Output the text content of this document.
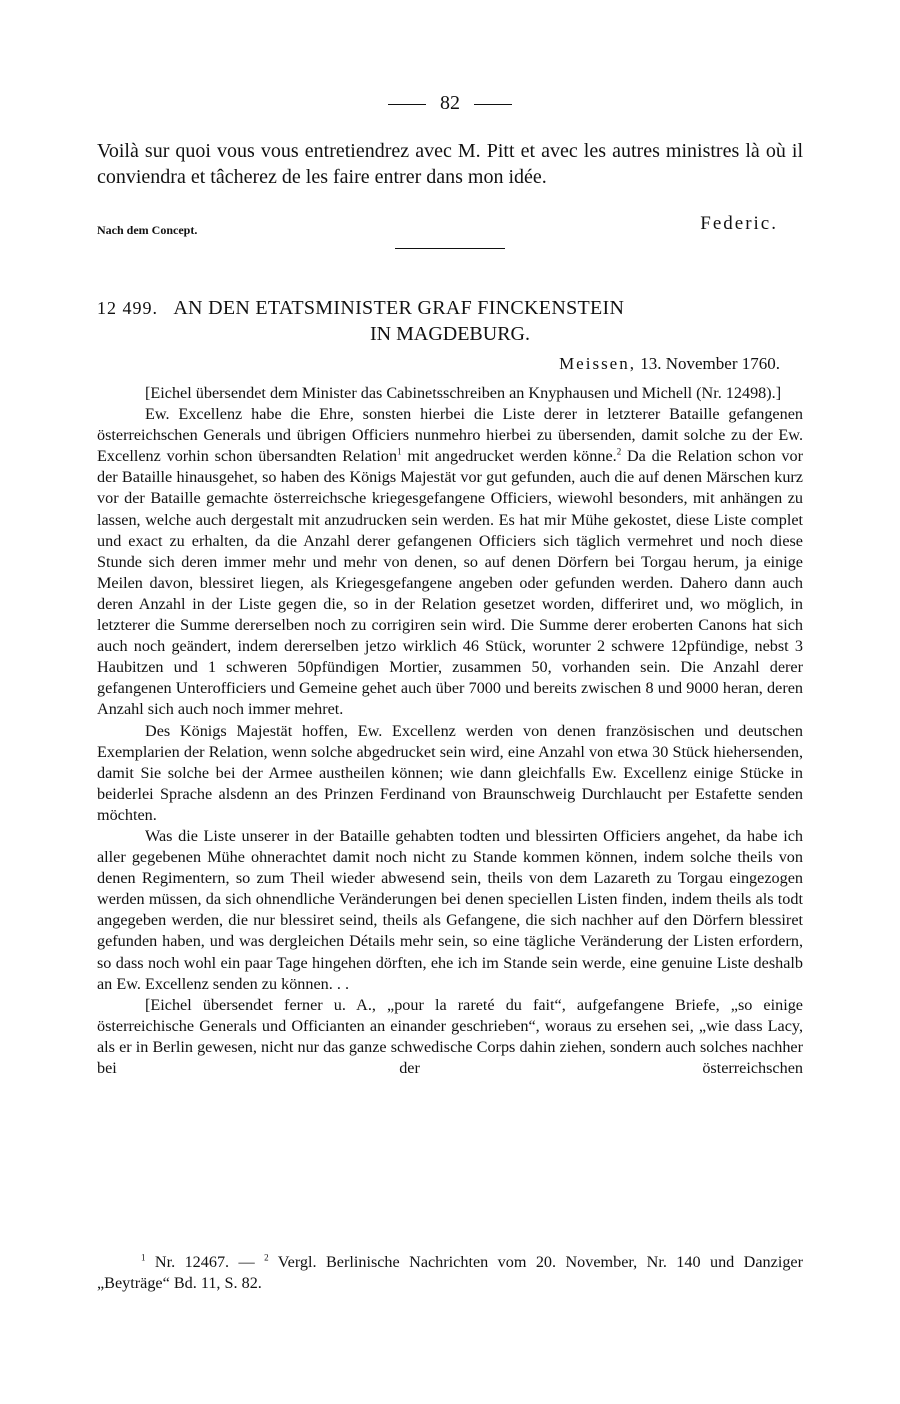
82
Voilà sur quoi vous vous entretiendrez avec M. Pitt et avec les autres ministres là où il conviendra et tâcherez de les faire entrer dans mon idée.
Nach dem Concept.	Federic.
12 499. AN DEN ETATSMINISTER GRAF FINCKENSTEIN
IN MAGDEBURG.
Meissen, 13. November 1760.

[Eichel übersendet dem Minister das Cabinetsschreiben an Knyphausen und Michell (Nr. 12498).]

Ew. Excellenz habe die Ehre, sonsten hierbei die Liste derer in letzterer Bataille gefangenen österreichschen Generals und übrigen Officiers nunmehro hierbei zu übersenden, damit solche zu der Ew. Excellenz vorhin schon übersandten Relation$^1$ mit angedrucket werden könne.$^2$ Da die Relation schon vor der Bataille hinausgehet, so haben des Königs Majestät vor gut gefunden, auch die auf denen Märschen kurz vor der Bataille gemachte österreichsche kriegesgefangene Officiers, wiewohl besonders, mit anhängen zu lassen, welche auch dergestalt mit anzudrucken sein werden. Es hat mir Mühe gekostet, diese Liste complet und exact zu erhalten, da die Anzahl derer gefangenen Officiers sich täglich vermehret und noch diese Stunde sich deren immer mehr und mehr von denen, so auf denen Dörfern bei Torgau herum, ja einige Meilen davon, blessiret liegen, als Kriegesgefangene angeben oder gefunden werden. Dahero dann auch deren Anzahl in der Liste gegen die, so in der Relation gesetzet worden, differiret und, wo möglich, in letzterer die Summe dererselben noch zu corrigiren sein wird. Die Summe derer eroberten Canons hat sich auch noch geändert, indem dererselben jetzo wirklich 46 Stück, worunter 2 schwere 12pfündige, nebst 3 Haubitzen und 1 schweren 50pfündigen Mortier, zusammen 50, vorhanden sein. Die Anzahl derer gefangenen Unterofficiers und Gemeine gehet auch über 7000 und bereits zwischen 8 und 9000 heran, deren Anzahl sich auch noch immer mehret.

Des Königs Majestät hoffen, Ew. Excellenz werden von denen französischen und deutschen Exemplarien der Relation, wenn solche abgedrucket sein wird, eine Anzahl von etwa 30 Stück hiehersenden, damit Sie solche bei der Armee austheilen können; wie dann gleichfalls Ew. Excellenz einige Stücke in beiderlei Sprache alsdenn an des Prinzen Ferdinand von Braunschweig Durchlaucht per Estafette senden möchten.

Was die Liste unserer in der Bataille gehabten todten und blessirten Officiers angehet, da habe ich aller gegebenen Mühe ohnerachtet damit noch nicht zu Stande kommen können, indem solche theils von denen Regimentern, so zum Theil wieder abwesend sein, theils von dem Lazareth zu Torgau eingezogen werden müssen, da sich ohnendliche Veränderungen bei denen speciellen Listen finden, indem theils als todt angegeben werden, die nur blessiret seind, theils als Gefangene, die sich nachher auf den Dörfern blessiret gefunden haben, und was dergleichen Détails mehr sein, so eine tägliche Veränderung der Listen erfordern, so dass noch wohl ein paar Tage hingehen dörften, ehe ich im Stande sein werde, eine genuine Liste deshalb an Ew. Excellenz senden zu können. . .

[Eichel übersendet ferner u. A., „pour la rareté du fait“, aufgefangene Briefe, „so einige österreichische Generals und Officianten an einander geschrieben“, woraus zu ersehen sei, „wie dass Lacy, als er in Berlin gewesen, nicht nur das ganze schwedische Corps dahin ziehen, sondern auch solches nachher bei der österreichschen

$^1$ Nr. 12467. — $^2$ Vergl. Berlinische Nachrichten vom 20. November, Nr. 140 und Danziger „Beyträge“ Bd. 11, S. 82.
